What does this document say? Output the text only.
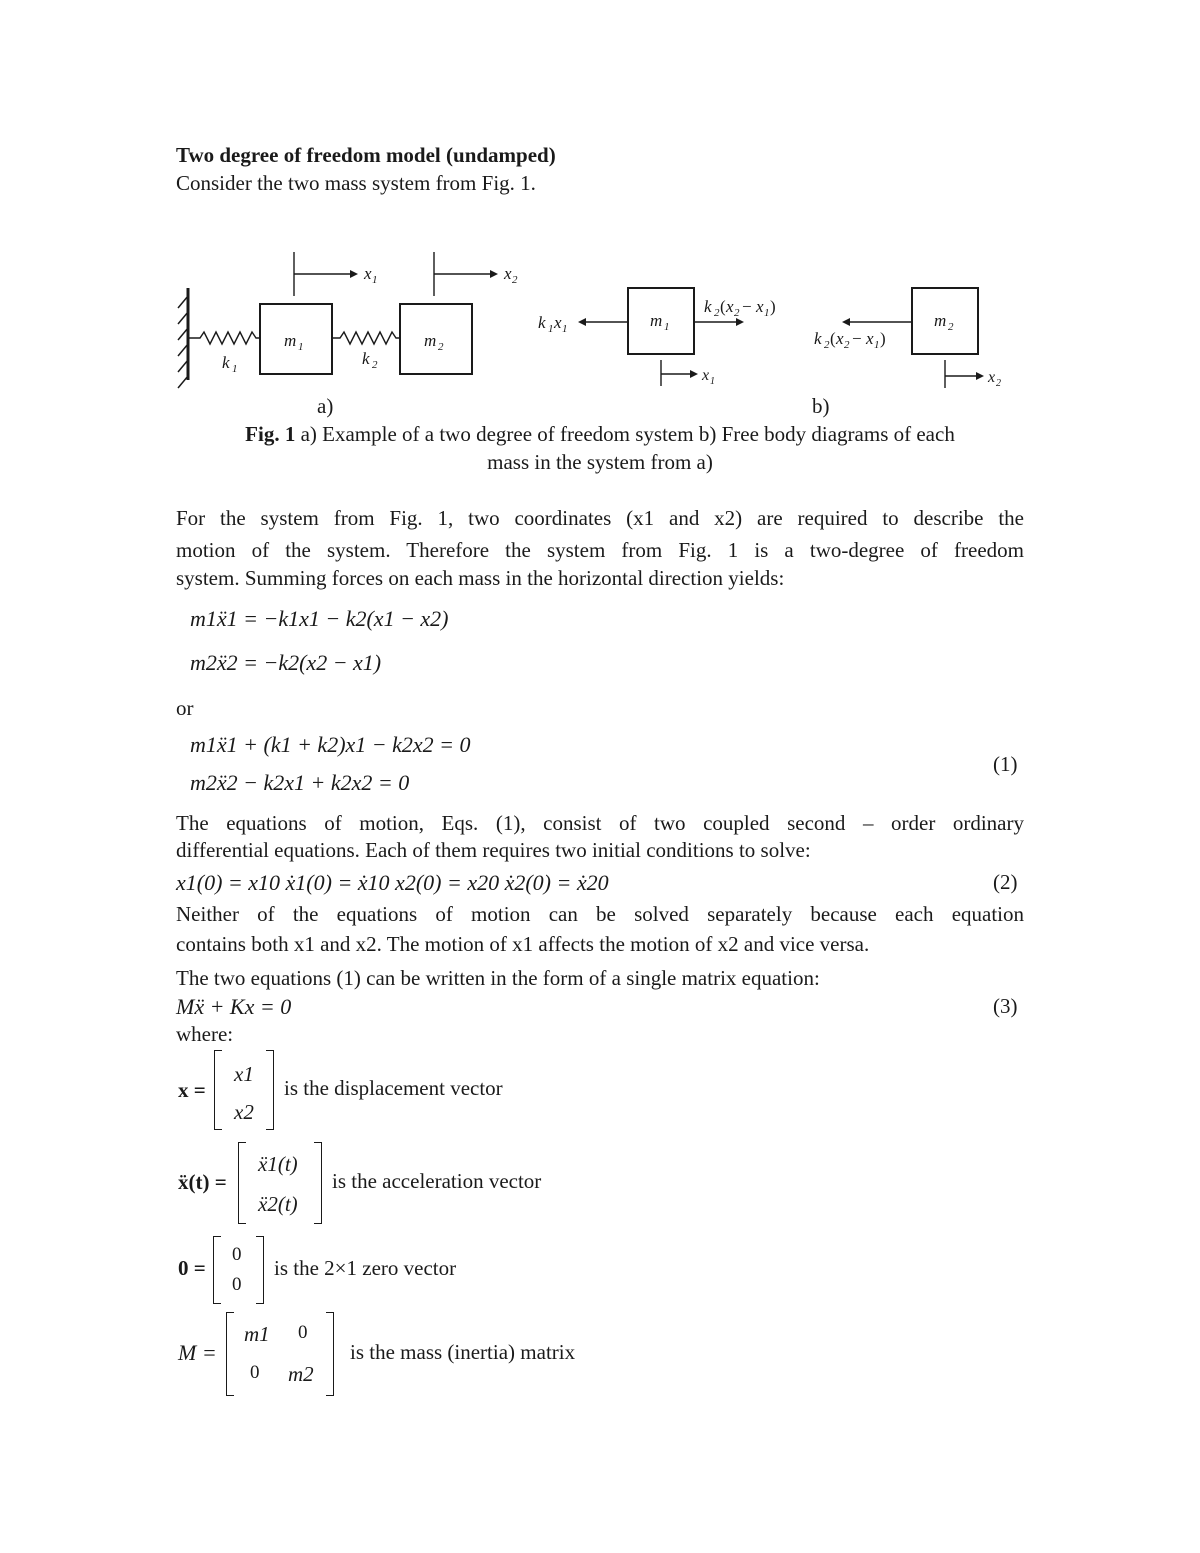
Two degree of freedom model (undamped)
Consider the two mass system from Fig. 1.
k 1
m 1
k 2
m 2
x 1	x 2
m 1
k 1 x 1
k 2 ( x 2 − x 1 )
x 1
m 2
k 2 ( x 2 − x 1 )
x 2
a)	b)
Fig. 1 a) Example of a two degree of freedom system b) Free body diagrams of each
mass in the system from a)
For the system from Fig. 1, two coordinates (x1 and x2) are required to describe the
motion of the system. Therefore the system from Fig. 1 is a two-degree of freedom
system. Summing forces on each mass in the horizontal direction yields:
m1ẍ1 = −k1x1 − k2(x1 − x2)
m2ẍ2 = −k2(x2 − x1)
or
m1ẍ1 + (k1 + k2)x1 − k2x2 = 0
m2ẍ2 − k2x1 + k2x2 = 0
(1)
The equations of motion, Eqs. (1), consist of two coupled second – order ordinary
differential equations. Each of them requires two initial conditions to solve:
x1(0) = x10 ẋ1(0) = ẋ10 x2(0) = x20 ẋ2(0) = ẋ20	(2)
Neither of the equations of motion can be solved separately because each equation
contains both x1 and x2. The motion of x1 affects the motion of x2 and vice versa.
The two equations (1) can be written in the form of a single matrix equation:
Mẍ + Kx = 0	(3)
where:
x =
x1
x2
is the displacement vector
ẍ(t) =
ẍ1(t)
ẍ2(t)
is the acceleration vector
0 =
0
0
is the 2×1 zero vector
M =
m1 0
0 m2
is the mass (inertia) matrix
